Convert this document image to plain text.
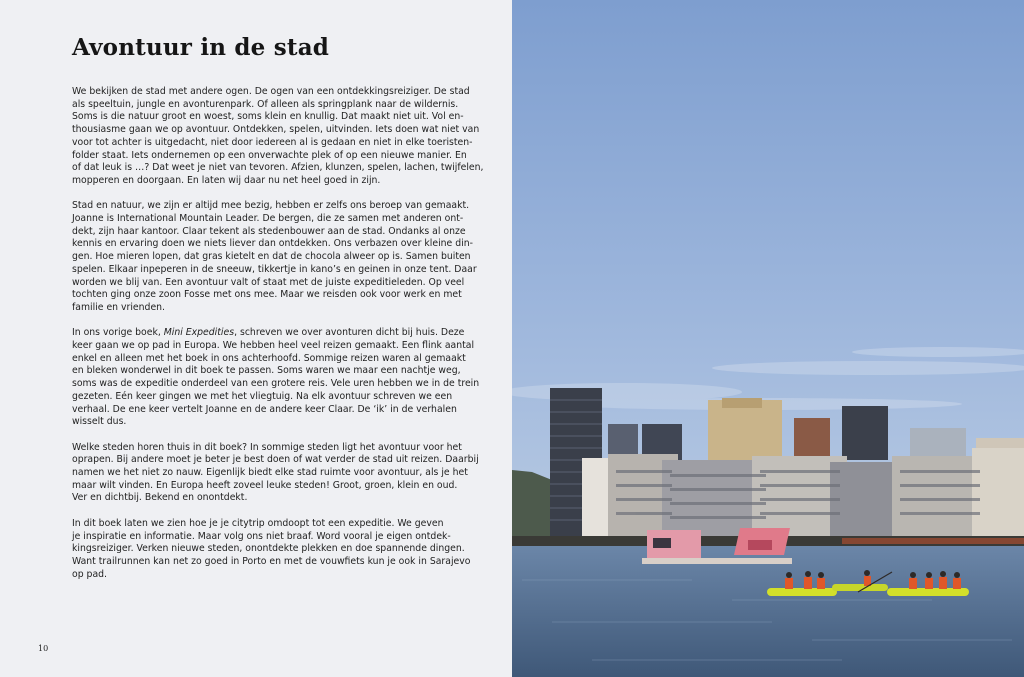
Avontuur in de stad

We bekijken de stad met andere ogen. De ogen van een ontdekkingsreiziger. De stad
als speeltuin, jungle en avonturenpark. Of alleen als springplank naar de wildernis.
Soms is die natuur groot en woest, soms klein en knullig. Dat maakt niet uit. Vol en-
thousiasme gaan we op avontuur. Ontdekken, spelen, uitvinden. Iets doen wat niet van
voor tot achter is uitgedacht, niet door iedereen al is gedaan en niet in elke toeristen-
folder staat. Iets ondernemen op een onverwachte plek of op een nieuwe manier. En
of dat leuk is …? Dat weet je niet van tevoren. Afzien, klunzen, spelen, lachen, twijfelen,
mopperen en doorgaan. En laten wij daar nu net heel goed in zijn.

Stad en natuur, we zijn er altijd mee bezig, hebben er zelfs ons beroep van gemaakt.
Joanne is International Mountain Leader. De bergen, die ze samen met anderen ont-
dekt, zijn haar kantoor. Claar tekent als stedenbouwer aan de stad. Ondanks al onze
kennis en ervaring doen we niets liever dan ontdekken. Ons verbazen over kleine din-
gen. Hoe mieren lopen, dat gras kietelt en dat de chocola alweer op is. Samen buiten
spelen. Elkaar inpeperen in de sneeuw, tikkertje in kano’s en geinen in onze tent. Daar
worden we blij van. Een avontuur valt of staat met de juiste expeditieleden. Op veel
tochten ging onze zoon Fosse met ons mee. Maar we reisden ook voor werk en met
familie en vrienden.

In ons vorige boek, Mini Expedities, schreven we over avonturen dicht bij huis. Deze
keer gaan we op pad in Europa. We hebben heel veel reizen gemaakt. Een flink aantal
enkel en alleen met het boek in ons achterhoofd. Sommige reizen waren al gemaakt
en bleken wonderwel in dit boek te passen. Soms waren we maar een nachtje weg,
soms was de expeditie onderdeel van een grotere reis. Vele uren hebben we in de trein
gezeten. Eén keer gingen we met het vliegtuig. Na elk avontuur schreven we een
verhaal. De ene keer vertelt Joanne en de andere keer Claar. De ‘ik’ in de verhalen
wisselt dus.

Welke steden horen thuis in dit boek? In sommige steden ligt het avontuur voor het
oprapen. Bij andere moet je beter je best doen of wat verder de stad uit reizen. Daarbij
namen we het niet zo nauw. Eigenlijk biedt elke stad ruimte voor avontuur, als je het
maar wilt vinden. En Europa heeft zoveel leuke steden! Groot, groen, klein en oud.
Ver en dichtbij. Bekend en onontdekt.

In dit boek laten we zien hoe je je citytrip omdoopt tot een expeditie. We geven
je inspiratie en informatie. Maar volg ons niet braaf. Word vooral je eigen ontdek-
kingsreiziger. Verken nieuwe steden, onontdekte plekken en doe spannende dingen.
Want trailrunnen kan net zo goed in Porto en met de vouwfiets kun je ook in Sarajevo
op pad.

10
